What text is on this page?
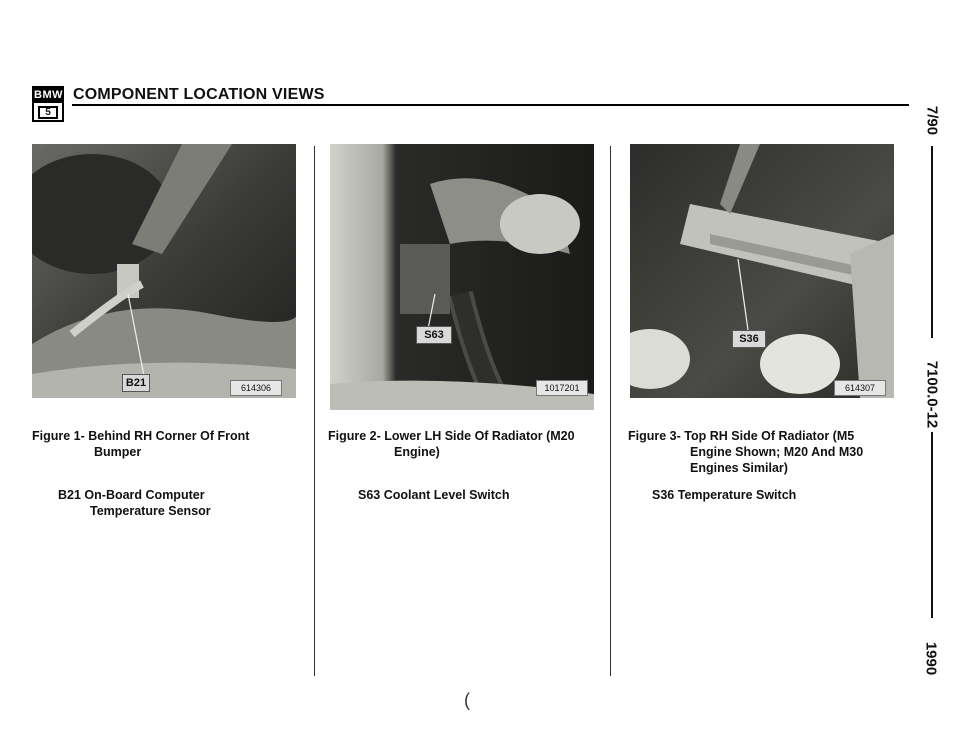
BMW
5
COMPONENT LOCATION VIEWS
B21	614306
S63
1017201
S36
614307
Figure 1- Behind RH Corner Of Front
Bumper
B21 On-Board Computer
Temperature Sensor
Figure 2- Lower LH Side Of Radiator (M20
Engine)
S63 Coolant Level Switch
Figure 3- Top RH Side Of Radiator (M5
Engine Shown; M20 And M30
Engines Similar)
S36 Temperature Switch
7/90
7100.0-12
1990
(
